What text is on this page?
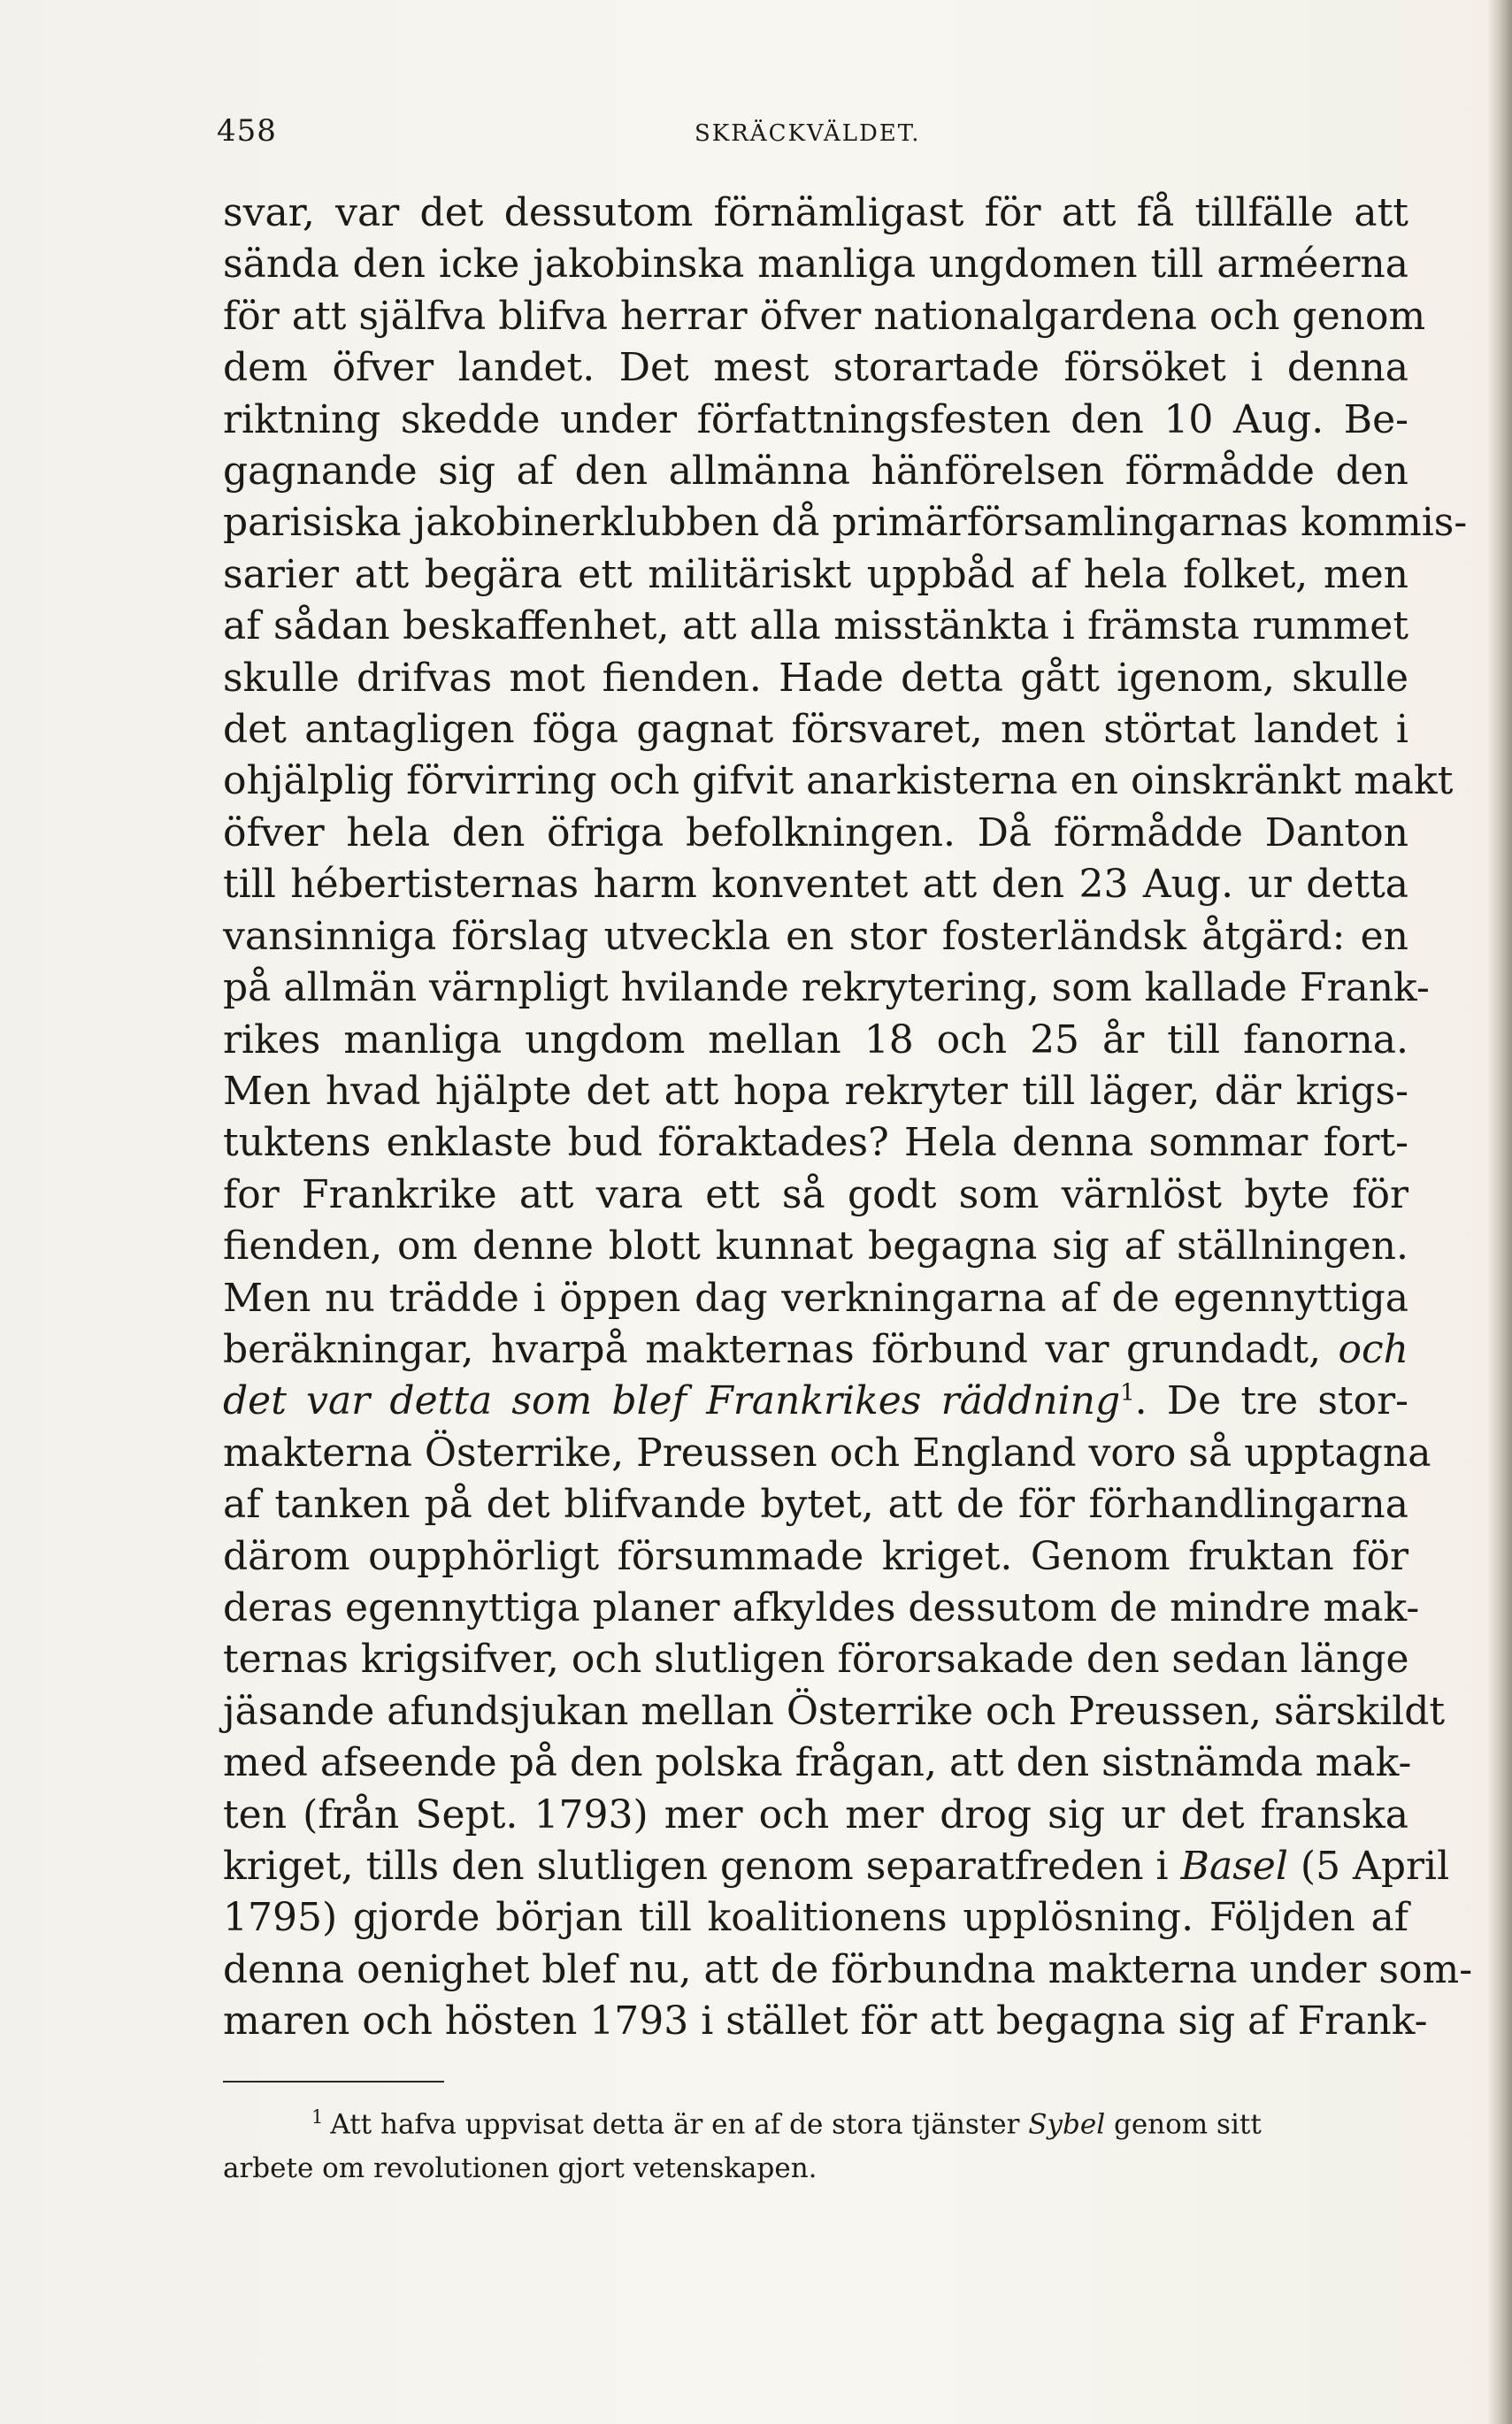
458	SKRÄCKVÄLDET.
svar, var det dessutom förnämligast för att få tillfälle att
sända den icke jakobinska manliga ungdomen till arméerna
för att själfva blifva herrar öfver nationalgardena och genom
dem öfver landet. Det mest storartade försöket i denna
riktning skedde under författningsfesten den 10 Aug. Be-
gagnande sig af den allmänna hänförelsen förmådde den
parisiska jakobinerklubben då primärförsamlingarnas kommis-
sarier att begära ett militäriskt uppbåd af hela folket, men
af sådan beskaffenhet, att alla misstänkta i främsta rummet
skulle drifvas mot fienden. Hade detta gått igenom, skulle
det antagligen föga gagnat försvaret, men störtat landet i
ohjälplig förvirring och gifvit anarkisterna en oinskränkt makt
öfver hela den öfriga befolkningen. Då förmådde Danton
till hébertisternas harm konventet att den 23 Aug. ur detta
vansinniga förslag utveckla en stor fosterländsk åtgärd: en
på allmän värnpligt hvilande rekrytering, som kallade Frank-
rikes manliga ungdom mellan 18 och 25 år till fanorna.
Men hvad hjälpte det att hopa rekryter till läger, där krigs-
tuktens enklaste bud föraktades? Hela denna sommar fort-
for Frankrike att vara ett så godt som värnlöst byte för
fienden, om denne blott kunnat begagna sig af ställningen.
Men nu trädde i öppen dag verkningarna af de egennyttiga
beräkningar, hvarpå makternas förbund var grundadt, och
det var detta som blef Frankrikes räddning$^1$. De tre stor-
makterna Österrike, Preussen och England voro så upptagna
af tanken på det blifvande bytet, att de för förhandlingarna
därom oupphörligt försummade kriget. Genom fruktan för
deras egennyttiga planer afkyldes dessutom de mindre mak-
ternas krigsifver, och slutligen förorsakade den sedan länge
jäsande afundsjukan mellan Österrike och Preussen, särskildt
med afseende på den polska frågan, att den sistnämda mak-
ten (från Sept. 1793) mer och mer drog sig ur det franska
kriget, tills den slutligen genom separatfreden i Basel (5 April
1795) gjorde början till koalitionens upplösning. Följden af
denna oenighet blef nu, att de förbundna makterna under som-
maren och hösten 1793 i stället för att begagna sig af Frank-
$^1$ Att hafva uppvisat detta är en af de stora tjänster Sybel genom sitt
arbete om revolutionen gjort vetenskapen.
